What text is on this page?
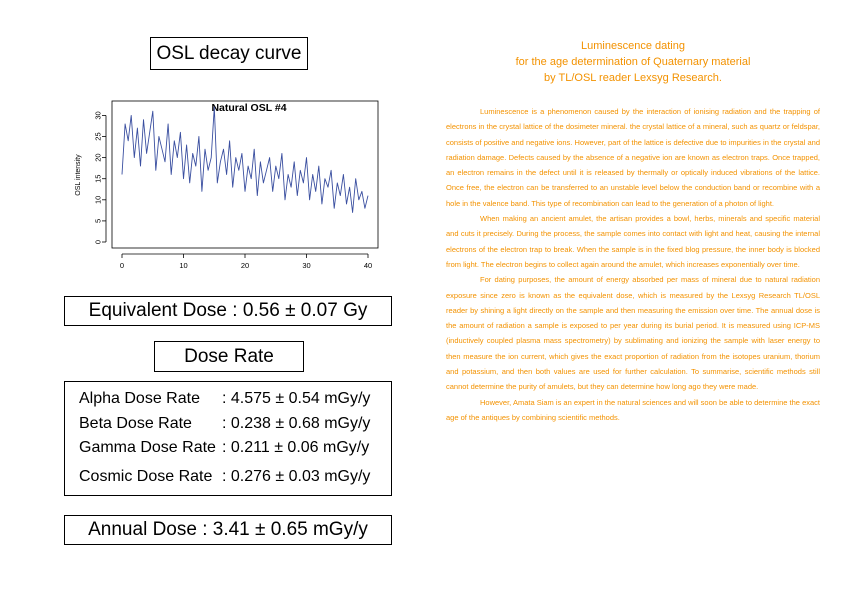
OSL decay curve
Natural OSL #4
0
5
10
15
20
25
30
0	10	20	30	40
OSL intensity
Equivalent Dose : 0.56 ± 0.07 Gy
Dose Rate
Alpha Dose Rate : 4.575 ± 0.54 mGy/y
Beta Dose Rate : 0.238 ± 0.68 mGy/y
Gamma Dose Rate : 0.211 ± 0.06 mGy/y
Cosmic Dose Rate : 0.276 ± 0.03 mGy/y
Annual Dose : 3.41 ± 0.65 mGy/y
Luminescence dating
for the age determination of Quaternary material
by TL/OSL reader Lexsyg Research.

Luminescence is a phenomenon caused by the interaction of ionising radiation and the trapping of electrons in the crystal lattice of the dosimeter mineral. the crystal lattice of a mineral, such as quartz or feldspar, consists of positive and negative ions. However, part of the lattice is defective due to impurities in the crystal and radiation damage. Defects caused by the absence of a negative ion are known as electron traps. Once trapped, an electron remains in the defect until it is released by thermally or optically induced vibrations of the lattice. Once free, the electron can be transferred to an unstable level below the conduction band or recombine with a hole in the valence band. This type of recombination can lead to the generation of a photon of light.

When making an ancient amulet, the artisan provides a bowl, herbs, minerals and specific material and cuts it precisely. During the process, the sample comes into contact with light and heat, causing the internal electrons of the electron trap to break. When the sample is in the fixed blog pressure, the inner body is blocked from light. The electron begins to collect again around the amulet, which increases exponentially over time.

For dating purposes, the amount of energy absorbed per mass of mineral due to natural radiation exposure since zero is known as the equivalent dose, which is measured by the Lexsyg Research TL/OSL reader by shining a light directly on the sample and then measuring the emission over time. The annual dose is the amount of radiation a sample is exposed to per year during its burial period. It is measured using ICP-MS (inductively coupled plasma mass spectrometry) by sublimating and ionizing the sample with laser energy to then measure the ion current, which gives the exact proportion of radiation from the isotopes uranium, thorium and potassium, and then both values are used for further calculation. To summarise, scientific methods still cannot determine the purity of amulets, but they can determine how long ago they were made.

However, Amata Siam is an expert in the natural sciences and will soon be able to determine the exact age of the antiques by combining scientific methods.
